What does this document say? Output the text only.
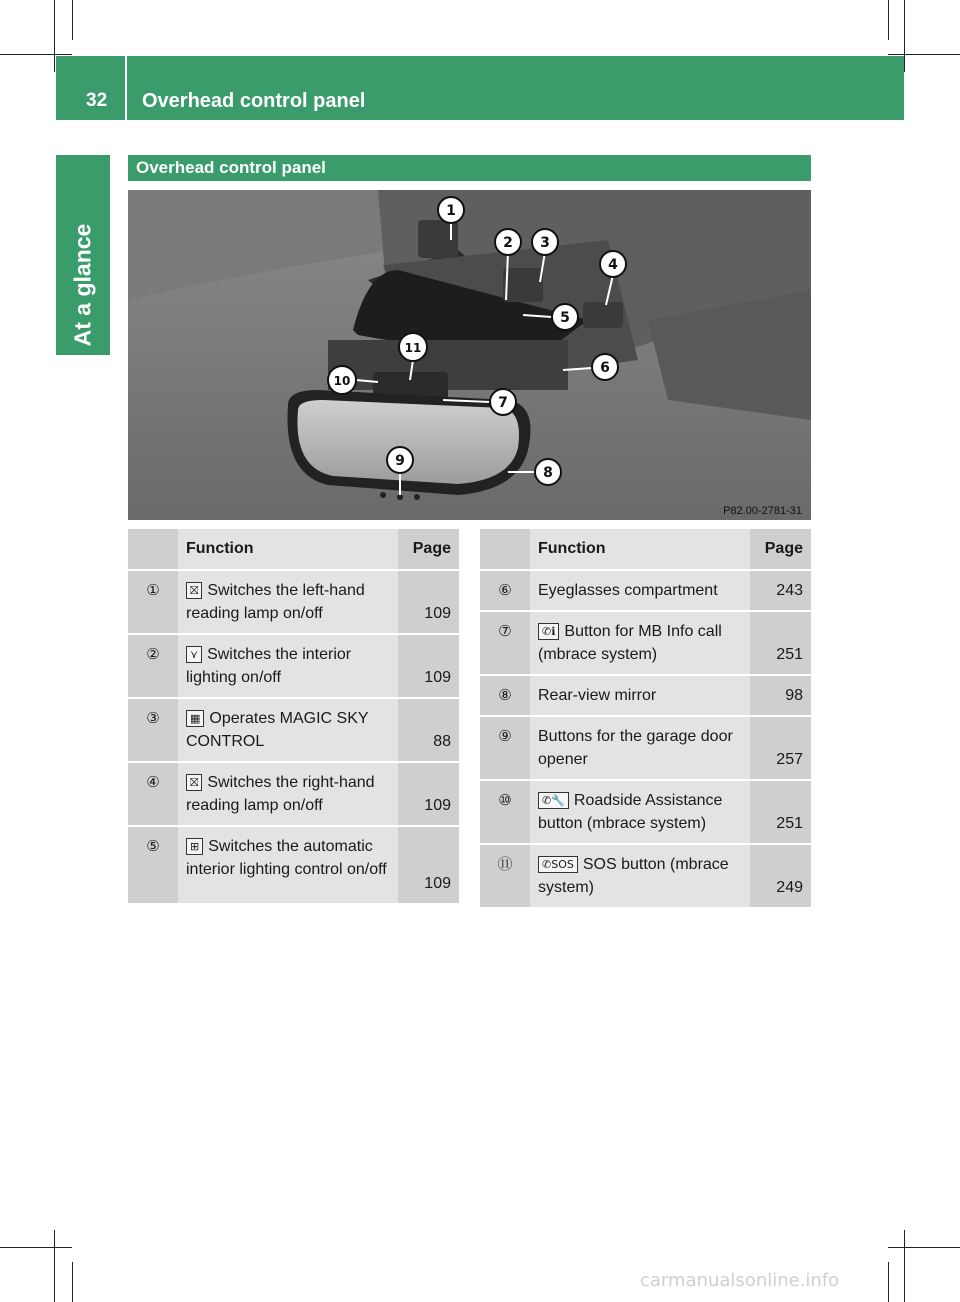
32 Overhead control panel
At a glance
Overhead control panel
1
2 3
4
5
6
7
8
9
10
11
P82.00-2781-31
	Function	Page
①	⛝ Switches the left-hand reading lamp on/off	109
②	⋎ Switches the interior lighting on/off	109
③	▦ Operates MAGIC SKY CONTROL	88
④	⛝ Switches the right-hand reading lamp on/off	109
⑤	⊞ Switches the automatic interior lighting control on/off	109
	Function	Page
⑥	Eyeglasses compartment	243
⑦	✆ℹ Button for MB Info call (mbrace system)	251
⑧	Rear-view mirror	98
⑨	Buttons for the garage door opener	257
⑩	✆🔧 Roadside Assistance button (mbrace system)	251
⑪	✆SOS SOS button (mbrace system)	249
carmanualsonline.info
